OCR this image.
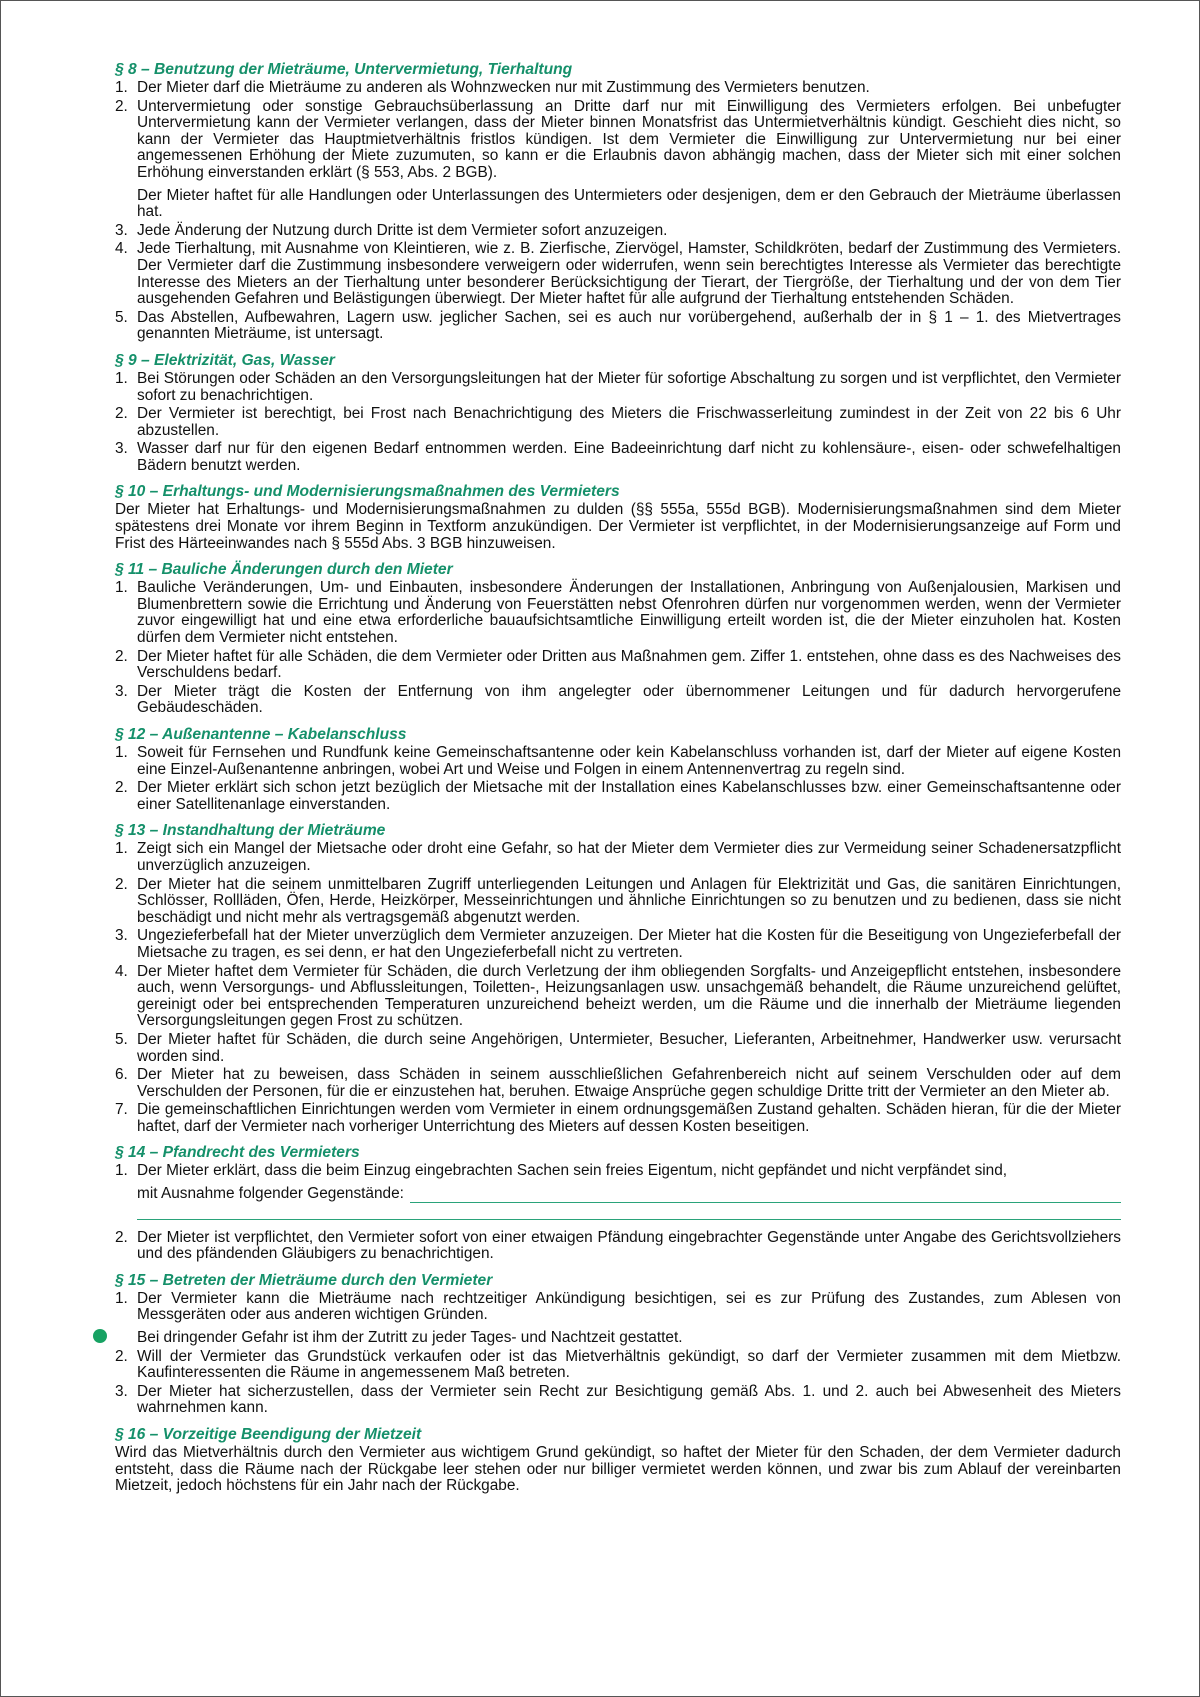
§ 8 – Benutzung der Mieträume, Untervermietung, Tierhaltung
1. Der Mieter darf die Mieträume zu anderen als Wohnzwecken nur mit Zustimmung des Vermieters benutzen.
2. Untervermietung oder sonstige Gebrauchsüberlassung an Dritte darf nur mit Einwilligung des Vermieters erfolgen. Bei unbefugter Untervermietung kann der Vermieter verlangen, dass der Mieter binnen Monatsfrist das Untermietverhältnis kündigt. Geschieht dies nicht, so kann der Vermieter das Hauptmietverhältnis fristlos kündigen. Ist dem Vermieter die Einwilligung zur Untervermietung nur bei einer angemessenen Erhöhung der Miete zuzumuten, so kann er die Erlaubnis davon abhängig machen, dass der Mieter sich mit einer solchen Erhöhung einverstanden erklärt (§ 553, Abs. 2 BGB).
Der Mieter haftet für alle Handlungen oder Unterlassungen des Untermieters oder desjenigen, dem er den Gebrauch der Mieträume überlassen hat.
3. Jede Änderung der Nutzung durch Dritte ist dem Vermieter sofort anzuzeigen.
4. Jede Tierhaltung, mit Ausnahme von Kleintieren, wie z. B. Zierfische, Ziervögel, Hamster, Schildkröten, bedarf der Zustimmung des Vermieters. Der Vermieter darf die Zustimmung insbesondere verweigern oder widerrufen, wenn sein berechtigtes Interesse als Vermieter das berechtigte Interesse des Mieters an der Tierhaltung unter besonderer Berücksichtigung der Tierart, der Tiergröße, der Tierhaltung und der von dem Tier ausgehenden Gefahren und Belästigungen überwiegt. Der Mieter haftet für alle aufgrund der Tierhaltung entstehenden Schäden.
5. Das Abstellen, Aufbewahren, Lagern usw. jeglicher Sachen, sei es auch nur vorübergehend, außerhalb der in § 1 – 1. des Mietvertrages genannten Mieträume, ist untersagt.
§ 9 – Elektrizität, Gas, Wasser
1. Bei Störungen oder Schäden an den Versorgungsleitungen hat der Mieter für sofortige Abschaltung zu sorgen und ist verpflichtet, den Vermieter sofort zu benachrichtigen.
2. Der Vermieter ist berechtigt, bei Frost nach Benachrichtigung des Mieters die Frischwasserleitung zumindest in der Zeit von 22 bis 6 Uhr abzustellen.
3. Wasser darf nur für den eigenen Bedarf entnommen werden. Eine Badeeinrichtung darf nicht zu kohlensäure-, eisen- oder schwefelhaltigen Bädern benutzt werden.
§ 10 – Erhaltungs- und Modernisierungsmaßnahmen des Vermieters

Der Mieter hat Erhaltungs- und Modernisierungsmaßnahmen zu dulden (§§ 555a, 555d BGB). Modernisierungsmaßnahmen sind dem Mieter spätestens drei Monate vor ihrem Beginn in Textform anzukündigen. Der Vermieter ist verpflichtet, in der Modernisierungsanzeige auf Form und Frist des Härteeinwandes nach § 555d Abs. 3 BGB hinzuweisen.

§ 11 – Bauliche Änderungen durch den Mieter
1. Bauliche Veränderungen, Um- und Einbauten, insbesondere Änderungen der Installationen, Anbringung von Außenjalousien, Markisen und Blumenbrettern sowie die Errichtung und Änderung von Feuerstätten nebst Ofenrohren dürfen nur vorgenommen werden, wenn der Vermieter zuvor eingewilligt hat und eine etwa erforderliche bauaufsichtsamtliche Einwilligung erteilt worden ist, die der Mieter einzuholen hat. Kosten dürfen dem Vermieter nicht entstehen.
2. Der Mieter haftet für alle Schäden, die dem Vermieter oder Dritten aus Maßnahmen gem. Ziffer 1. entstehen, ohne dass es des Nachweises des Verschuldens bedarf.
3. Der Mieter trägt die Kosten der Entfernung von ihm angelegter oder übernommener Leitungen und für dadurch hervorgerufene Gebäudeschäden.
§ 12 – Außenantenne – Kabelanschluss
1. Soweit für Fernsehen und Rundfunk keine Gemeinschaftsantenne oder kein Kabelanschluss vorhanden ist, darf der Mieter auf eigene Kosten eine Einzel-Außenantenne anbringen, wobei Art und Weise und Folgen in einem Antennenvertrag zu regeln sind.
2. Der Mieter erklärt sich schon jetzt bezüglich der Mietsache mit der Installation eines Kabelanschlusses bzw. einer Gemeinschaftsantenne oder einer Satellitenanlage einverstanden.
§ 13 – Instandhaltung der Mieträume
1. Zeigt sich ein Mangel der Mietsache oder droht eine Gefahr, so hat der Mieter dem Vermieter dies zur Vermeidung seiner Schadenersatzpflicht unverzüglich anzuzeigen.
2. Der Mieter hat die seinem unmittelbaren Zugriff unterliegenden Leitungen und Anlagen für Elektrizität und Gas, die sanitären Einrichtungen, Schlösser, Rollläden, Öfen, Herde, Heizkörper, Messeinrichtungen und ähnliche Einrichtungen so zu benutzen und zu bedienen, dass sie nicht beschädigt und nicht mehr als vertragsgemäß abgenutzt werden.
3. Ungezieferbefall hat der Mieter unverzüglich dem Vermieter anzuzeigen. Der Mieter hat die Kosten für die Beseitigung von Ungezieferbefall der Mietsache zu tragen, es sei denn, er hat den Ungezieferbefall nicht zu vertreten.
4. Der Mieter haftet dem Vermieter für Schäden, die durch Verletzung der ihm obliegenden Sorgfalts- und Anzeigepflicht entstehen, insbesondere auch, wenn Versorgungs- und Abflussleitungen, Toiletten-, Heizungsanlagen usw. unsachgemäß behandelt, die Räume unzureichend gelüftet, gereinigt oder bei entsprechenden Temperaturen unzureichend beheizt werden, um die Räume und die innerhalb der Mieträume liegenden Versorgungsleitungen gegen Frost zu schützen.
5. Der Mieter haftet für Schäden, die durch seine Angehörigen, Untermieter, Besucher, Lieferanten, Arbeitnehmer, Handwerker usw. verursacht worden sind.
6. Der Mieter hat zu beweisen, dass Schäden in seinem ausschließlichen Gefahrenbereich nicht auf seinem Verschulden oder auf dem Verschulden der Personen, für die er einzustehen hat, beruhen. Etwaige Ansprüche gegen schuldige Dritte tritt der Vermieter an den Mieter ab.
7. Die gemeinschaftlichen Einrichtungen werden vom Vermieter in einem ordnungsgemäßen Zustand gehalten. Schäden hieran, für die der Mieter haftet, darf der Vermieter nach vorheriger Unterrichtung des Mieters auf dessen Kosten beseitigen.
§ 14 – Pfandrecht des Vermieters
1. Der Mieter erklärt, dass die beim Einzug eingebrachten Sachen sein freies Eigentum, nicht gepfändet und nicht verpfändet sind,
mit Ausnahme folgender Gegenstände:
2. Der Mieter ist verpflichtet, den Vermieter sofort von einer etwaigen Pfändung eingebrachter Gegenstände unter Angabe des Gerichtsvollziehers und des pfändenden Gläubigers zu benachrichtigen.
§ 15 – Betreten der Mieträume durch den Vermieter
1. Der Vermieter kann die Mieträume nach rechtzeitiger Ankündigung besichtigen, sei es zur Prüfung des Zustandes, zum Ablesen von Messgeräten oder aus anderen wichtigen Gründen.
Bei dringender Gefahr ist ihm der Zutritt zu jeder Tages- und Nachtzeit gestattet.
2. Will der Vermieter das Grundstück verkaufen oder ist das Mietverhältnis gekündigt, so darf der Vermieter zusammen mit dem Mietbzw. Kaufinteressenten die Räume in angemessenem Maß betreten.
3. Der Mieter hat sicherzustellen, dass der Vermieter sein Recht zur Besichtigung gemäß Abs. 1. und 2. auch bei Abwesenheit des Mieters wahrnehmen kann.
§ 16 – Vorzeitige Beendigung der Mietzeit

Wird das Mietverhältnis durch den Vermieter aus wichtigem Grund gekündigt, so haftet der Mieter für den Schaden, der dem Vermieter dadurch entsteht, dass die Räume nach der Rückgabe leer stehen oder nur billiger vermietet werden können, und zwar bis zum Ablauf der vereinbarten Mietzeit, jedoch höchstens für ein Jahr nach der Rückgabe.
